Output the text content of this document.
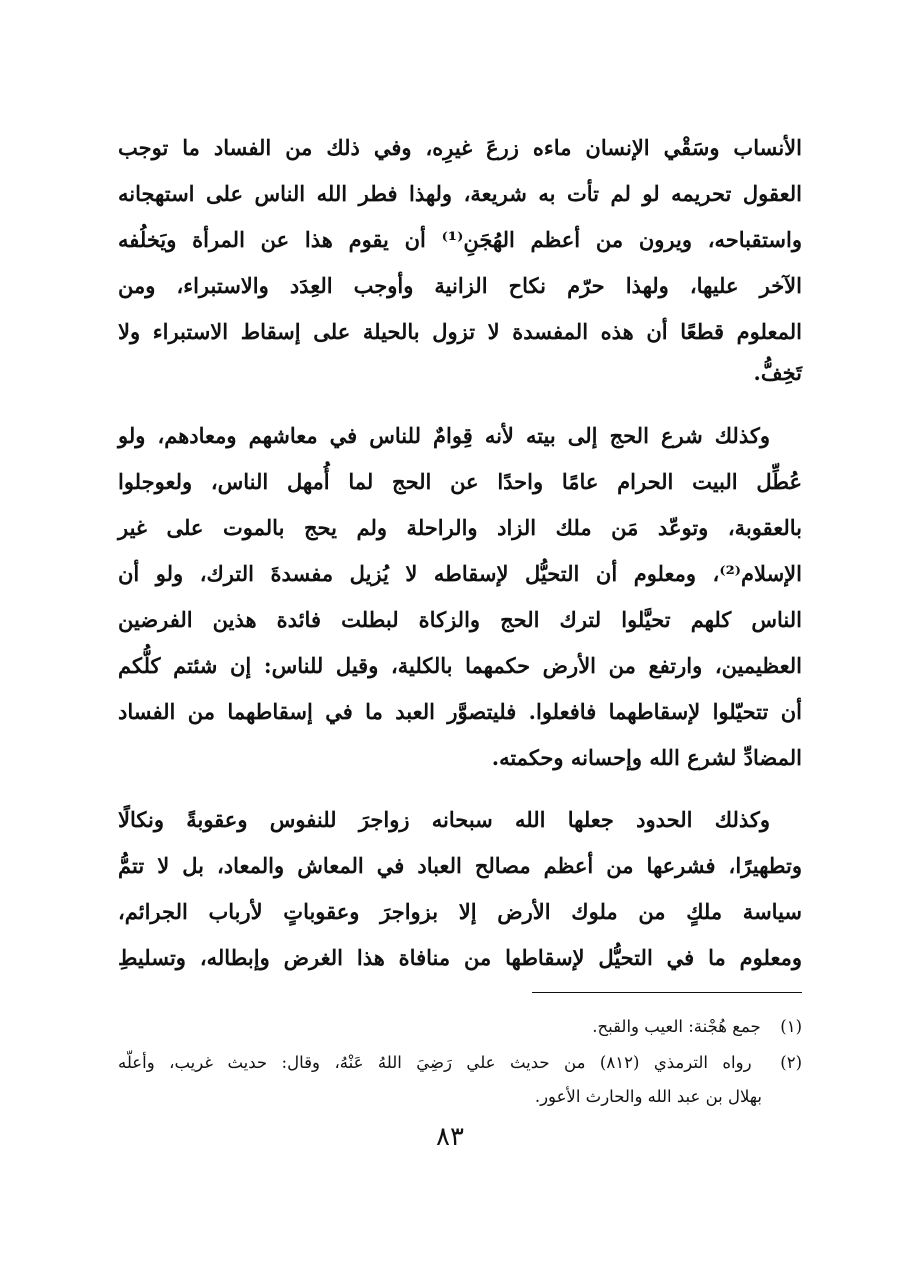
الأنساب وسَقْي الإنسان ماءه زرعَ غيرِه، وفي ذلك من الفساد ما توجب
العقول تحريمه لو لم تأت به شريعة، ولهذا فطر الله الناس على استهجانه
واستقباحه، ويرون من أعظم الهُجَنِ⁽¹⁾ أن يقوم هذا عن المرأة ويَخلُفه
الآخر عليها، ولهذا حرّم نكاح الزانية وأوجب العِدَد والاستبراء، ومن
المعلوم قطعًا أن هذه المفسدة لا تزول بالحيلة على إسقاط الاستبراء ولا
تَخِفُّ.
وكذلك شرع الحج إلى بيته لأنه قِوامٌ للناس في معاشهم ومعادهم، ولو
عُطِّل البيت الحرام عامًا واحدًا عن الحج لما أُمهل الناس، ولعوجلوا
بالعقوبة، وتوعّد مَن ملك الزاد والراحلة ولم يحج بالموت على غير
الإسلام⁽²⁾، ومعلوم أن التحيُّل لإسقاطه لا يُزيل مفسدةَ الترك، ولو أن
الناس كلهم تحيَّلوا لترك الحج والزكاة لبطلت فائدة هذين الفرضين
العظيمين، وارتفع من الأرض حكمهما بالكلية، وقيل للناس: إن شئتم كلُّكم
أن تتحيّلوا لإسقاطهما فافعلوا. فليتصوَّر العبد ما في إسقاطهما من الفساد
المضادِّ لشرع الله وإحسانه وحكمته.
وكذلك الحدود جعلها الله سبحانه زواجرَ للنفوس وعقوبةً ونكالًا
وتطهيرًا، فشرعها من أعظم مصالح العباد في المعاش والمعاد، بل لا تتمُّ
سياسة ملكٍ من ملوك الأرض إلا بزواجرَ وعقوباتٍ لأرباب الجرائم،
ومعلوم ما في التحيُّل لإسقاطها من منافاة هذا الغرض وإبطاله، وتسليطِ
(١) جمع هُجْنة: العيب والقبح.
(٢) رواه الترمذي (٨١٢) من حديث علي رَضِيَ اللهُ عَنْهُ، وقال: حديث غريب، وأعلّه
بهلال بن عبد الله والحارث الأعور.
٨٣
